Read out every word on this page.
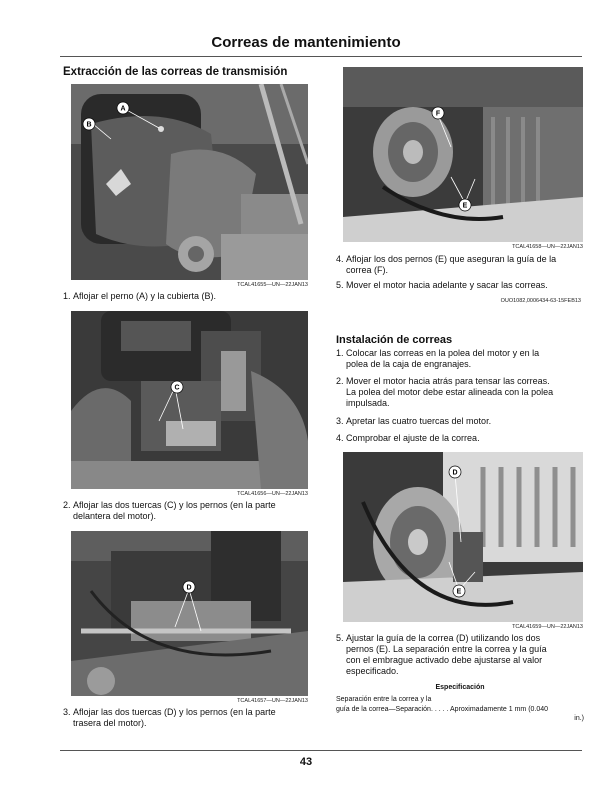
Correas de mantenimiento
Extracción de las correas de transmisión
A
B
TCAL41655—UN—22JAN13
1. Aflojar el perno (A) y la cubierta (B).
C
TCAL41656—UN—22JAN13
2. Aflojar las dos tuercas (C) y los pernos (en la parte
delantera del motor).
D
TCAL41657—UN—22JAN13
3. Aflojar las dos tuercas (D) y los pernos (en la parte
trasera del motor).
F
E
TCAL41658—UN—22JAN13
4. Aflojar los dos pernos (E) que aseguran la guía de la
correa (F).
5. Mover el motor hacia adelante y sacar las correas.
OUO1082,0006434-63-15FEB13
Instalación de correas
1. Colocar las correas en la polea del motor y en la
polea de la caja de engranajes.
2. Mover el motor hacia atrás para tensar las correas.
La polea del motor debe estar alineada con la polea
impulsada.
3. Apretar las cuatro tuercas del motor.
4. Comprobar el ajuste de la correa.
D
E
TCAL41659—UN—22JAN13
5. Ajustar la guía de la correa (D) utilizando los dos
pernos (E). La separación entre la correa y la guía
con el embrague activado debe ajustarse al valor
especificado.
Especificación
Separación entre la correa y la
guía de la correa—Separación. . . . . Aproximadamente 1 mm (0.040
in.)
43
